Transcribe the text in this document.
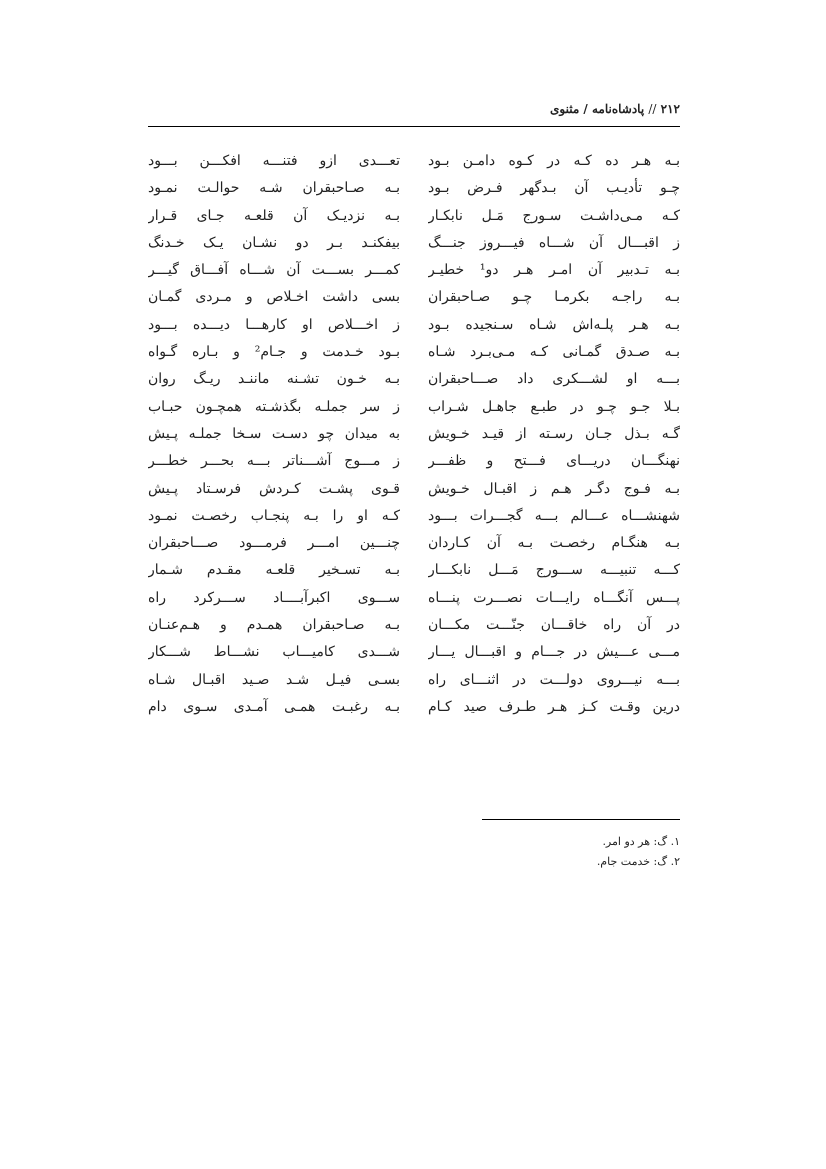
۲۱۲ // پادشاه‌نامه / مثنوی
بـه هـر ده کـه در کـوه دامـن بـود
چـو تأدیـب آن بـدگهر فـرض بـود
کـه مـی‌داشـت سـورج مَـل نابکـار
ز اقبـــال آن شـــاه فیـــروز جنـــگ
بـه تـدبیر آن امـر هـر دو¹ خطیـر
بـه راجـه بکرمـا چـو صـاحبقران
بـه هـر پلـه‌اش شـاه سـنجیده بـود
بـه صـدق گمـانی کـه مـی‌بـرد شـاه
بـــه او لشـــکری داد صـــاحبقران
بـلا جـو چـو در طبـع جاهـل شـراب
گـه بـذل جـان رسـته از قیـد خـویش
نهنگـــان دریـــای فـــتح و ظفـــر
بـه فـوج دگـر هـم ز اقبـال خـویش
شهنشـــاه عـــالم بـــه گجـــرات بـــود
بـه هنگـام رخصـت بـه آن کـاردان
کـــه تنبیـــه ســـورج مَـــل نابکـــار
پـــس آنگـــاه رایـــات نصـــرت پنـــاه
در آن راه خاقـــان جنّـــت مکـــان
مـــی عـــیش در جـــام و اقبـــال یـــار
بـــه نیـــروی دولـــت در اثنـــای راه
درین وقـت کـز هـر طـرف صید کـام
تعـــدی ازو فتنـــه افکـــن بـــود
بـه صـاحبقران شـه حوالـت نمـود
بـه نزدیـک آن قلعـه جـای قـرار
بیفکنـد بـر دو نشـان یـک خـدنگ
کمـــر بســـت آن شـــاه آفـــاق گیـــر
بسی داشت اخـلاص و مـردی گمـان
ز اخـــلاص او کارهـــا دیـــده بـــود
بـود خـدمت و جـام² و بـاره گـواه
بـه خـون تشـنه ماننـد ریـگ روان
ز سر جملـه بگذشـته همچـون حبـاب
به میدان چو دسـت سـخا جملـه پـیش
ز مـــوج آشـــناتر بـــه بحـــر خطـــر
قـوی پشـت کـردش فرسـتاد پـیش
کـه او را بـه پنجـاب رخصـت نمـود
چنـــین امـــر فرمـــود صـــاحبقران
بـه تسـخیر قلعـه مقـدم شـمار
ســـوی اکبرآبــــاد ســـرکرد راه
بـه صـاحبقران همـدم و هـم‌عنـان
شـــدی کامیـــاب نشـــاط شـــکار
بسـی فیـل شـد صـید اقبـال شـاه
بـه رغبـت همـی آمـدی سـوی دام
۱. گ: هر دو امر.
۲. گ: خدمت جام.
